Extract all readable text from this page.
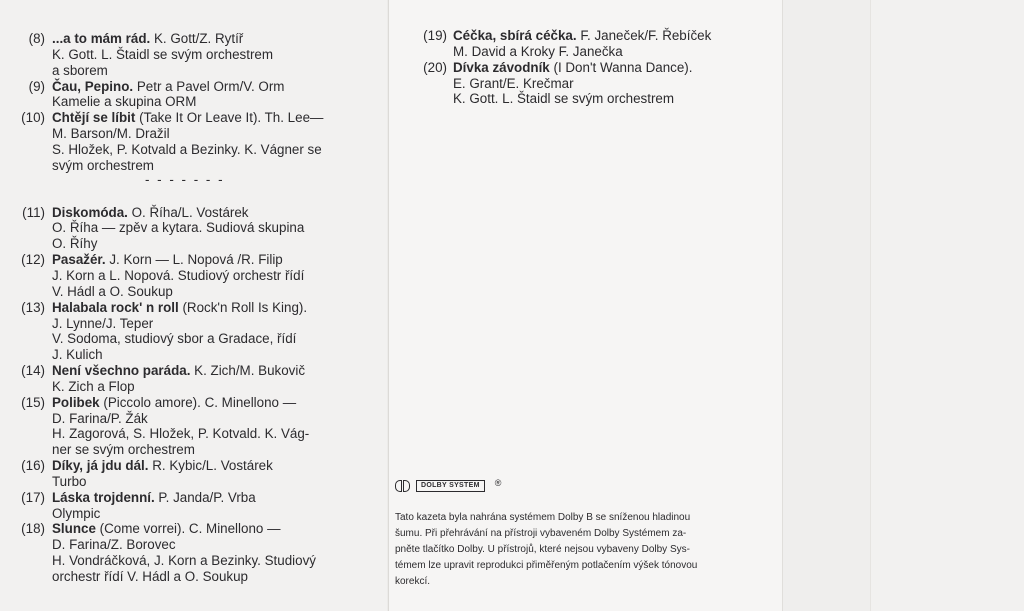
(8) ...a to mám rád. K. Gott/Z. Rytíř
K. Gott. L. Štaidl se svým orchestrem
a sborem
(9) Čau, Pepino. Petr a Pavel Orm/V. Orm
Kamelie a skupina ORM
(10) Chtějí se líbit (Take It Or Leave It). Th. Lee—
M. Barson/M. Dražil
S. Hložek, P. Kotvald a Bezinky. K. Vágner se
svým orchestrem
- - - - - - -
(11) Diskomóda. O. Říha/L. Vostárek
O. Říha — zpěv a kytara. Sudiová skupina
O. Říhy
(12) Pasažér. J. Korn — L. Nopová /R. Filip
J. Korn a L. Nopová. Studiový orchestr řídí
V. Hádl a O. Soukup
(13) Halabala rock' n roll (Rock'n Roll Is King).
J. Lynne/J. Teper
V. Sodoma, studiový sbor a Gradace, řídí
J. Kulich
(14) Není všechno paráda. K. Zich/M. Bukovič
K. Zich a Flop
(15) Polibek (Piccolo amore). C. Minellono —
D. Farina/P. Žák
H. Zagorová, S. Hložek, P. Kotvald. K. Vág-
ner se svým orchestrem
(16) Díky, já jdu dál. R. Kybic/L. Vostárek
Turbo
(17) Láska trojdenní. P. Janda/P. Vrba
Olympic
(18) Slunce (Come vorrei). C. Minellono —
D. Farina/Z. Borovec
H. Vondráčková, J. Korn a Bezinky. Studiový
orchestr řídí V. Hádl a O. Soukup
(19) Céčka, sbírá céčka. F. Janeček/F. Řebíček
M. David a Kroky F. Janečka
(20) Dívka závodník (I Don't Wanna Dance).
E. Grant/E. Krečmar
K. Gott. L. Štaidl se svým orchestrem
DOLBY SYSTEM	®
Tato kazeta byla nahrána systémem Dolby B se sníženou hladinou
šumu. Při přehrávání na přístroji vybaveném Dolby Systémem za-
pněte tlačítko Dolby. U přístrojů, které nejsou vybaveny Dolby Sys-
témem lze upravit reprodukci přiměřeným potlačením výšek tónovou
korekcí.
